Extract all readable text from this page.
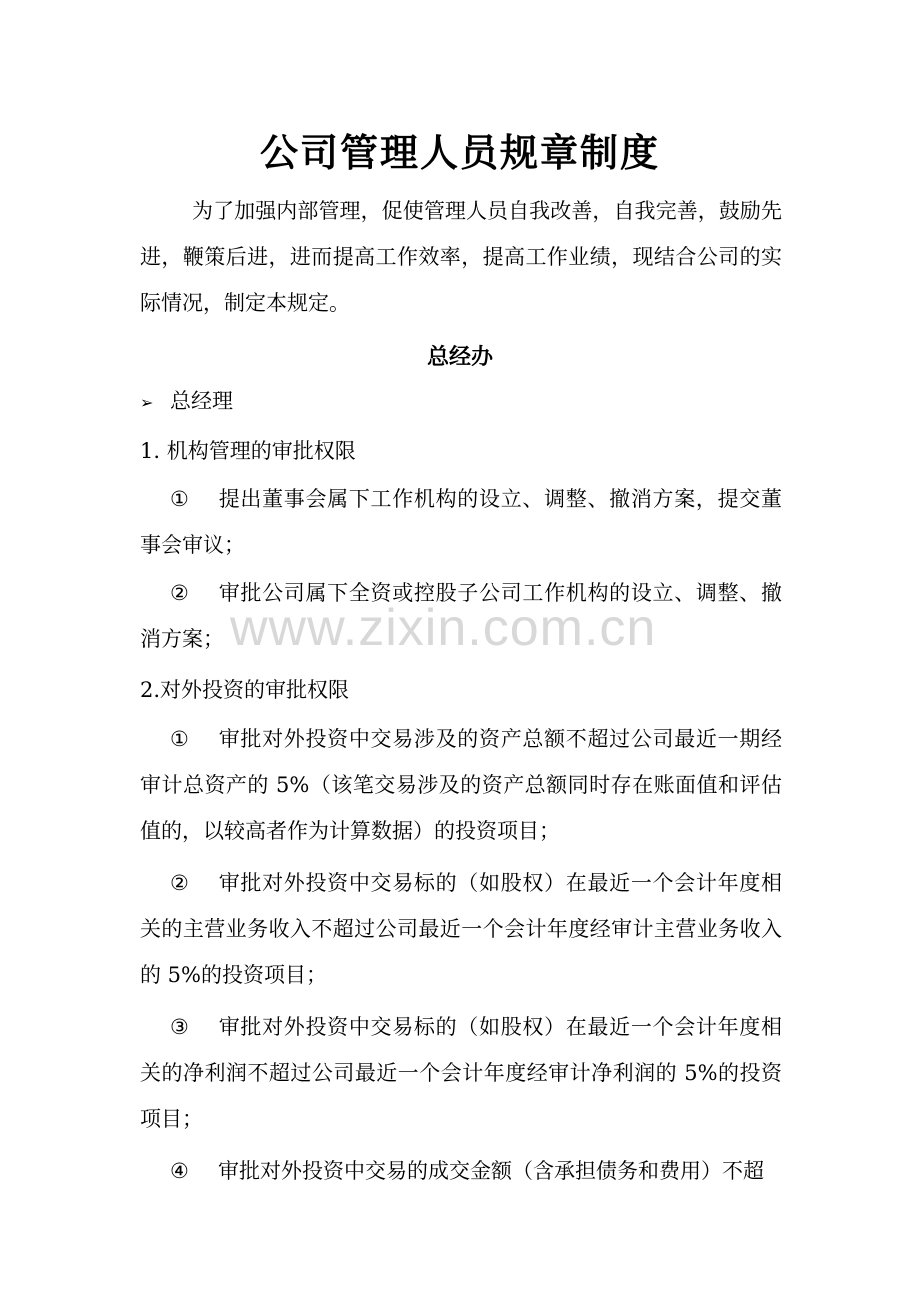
公司管理人员规章制度
为了加强内部管理，促使管理人员自我改善，自我完善，鼓励先进，鞭策后进，进而提高工作效率，提高工作业绩，现结合公司的实际情况，制定本规定。
总经办
➢ 总经理
1. 机构管理的审批权限
① 提出董事会属下工作机构的设立、调整、撤消方案，提交董事会审议；
② 审批公司属下全资或控股子公司工作机构的设立、调整、撤消方案；
2.对外投资的审批权限
① 审批对外投资中交易涉及的资产总额不超过公司最近一期经审计总资产的 5%（该笔交易涉及的资产总额同时存在账面值和评估值的，以较高者作为计算数据）的投资项目；
② 审批对外投资中交易标的（如股权）在最近一个会计年度相关的主营业务收入不超过公司最近一个会计年度经审计主营业务收入的 5%的投资项目；
③ 审批对外投资中交易标的（如股权）在最近一个会计年度相关的净利润不超过公司最近一个会计年度经审计净利润的 5%的投资项目；
④ 审批对外投资中交易的成交金额（含承担债务和费用）不超
www.zixin.com.cn
